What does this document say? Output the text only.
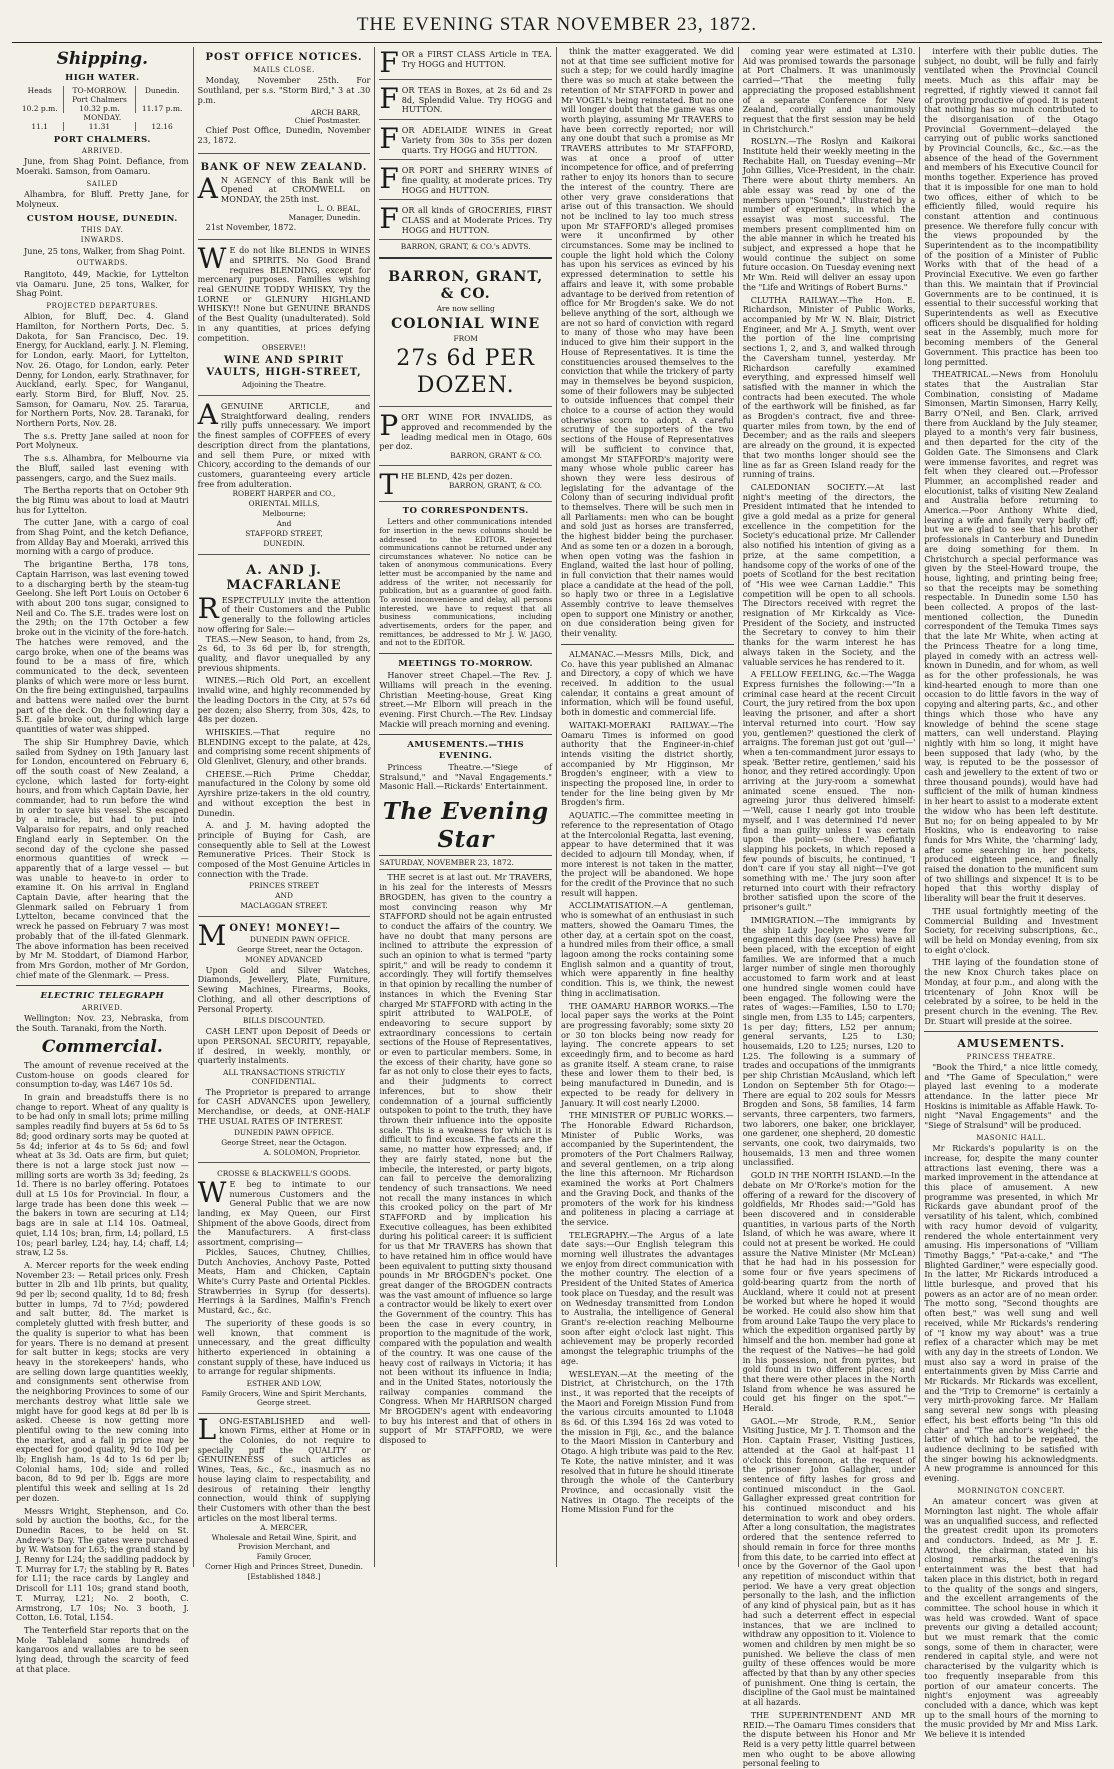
THE EVENING STAR NOVEMBER 23, 1872.
Shipping.
HIGH WATER.
Heads	TO-MORROW.
Port Chalmers	Dunedin.
10.2 p.m.	10.32 p.m.	11.17 p.m.
MONDAY.		
11.1	11.31	12.16
PORT CHALMERS.
ARRIVED.

June, from Shag Point. Defiance, from Moeraki. Samson, from Oamaru.

SAILED

Alhambra, for Bluff. Pretty Jane, for Molyneux.

CUSTOM HOUSE, DUNEDIN.
THIS DAY.
INWARDS.

June, 25 tons, Walker, from Shag Point.

OUTWARDS.

Rangitoto, 449, Mackie, for Lyttelton via Oamaru. June, 25 tons, Walker, for Shag Point.

PROJECTED DEPARTURES.

Albion, for Bluff, Dec. 4. Gland Hamilton, for Northern Ports, Dec. 5. Dakota, for San Francisco, Dec. 19. Energy, for Auckland, early. J. N. Fleming, for London, early. Maori, for Lyttelton, Nov. 26. Otago, for London, early. Peter Denny, for London, early. Strathnaver, for Auckland, early. Spec, for Wanganui, early. Storm Bird, for Bluff, Nov. 25. Samson, for Oamaru, Nov. 25. Tararua, for Northern Ports, Nov. 28. Taranaki, for Northern Ports, Nov. 28.

The s.s. Pretty Jane sailed at noon for Port Molyneux.

The s.s. Alhambra, for Melbourne via the Bluff, sailed last evening with passengers, cargo, and the Suez mails.

The Bertha reports that on October 9th the big Rimu was about to load at Mautri hus for Lyttelton.

The cutter Jane, with a cargo of coal from Shag Point, and the ketch Defiance, from Allday Bay and Moeraki, arrived this morning with a cargo of produce.

The brigantine Bertha, 178 tons, Captain Harrison, was last evening towed to a discharging berth by the steam-tug Geelong. She left Port Louis on October 6 with about 200 tons sugar, consigned to Neil and Co. The S.E. trades were lost on the 29th; on the 17th October a few broke out in the vicinity of the fore-hatch. The hatches were removed, and the cargo broke, when one of the beams was found to be a mass of fire, which communicated to the deck, seventeen planks of which were more or less burnt. On the fire being extinguished, tarpaulins and battens were nailed over the burnt part of the deck. On the following day a S.E. gale broke out, during which large quantities of water was shipped.

The ship Sir Humphrey Davie, which sailed from Sydney on 19th January last for London, encountered on February 6, off the south coast of New Zealand, a cyclone, which lasted for forty-eight hours, and from which Captain Davie, her commander, had to run before the wind in order to save his vessel. She escaped by a miracle, but had to put into Valparaiso for repairs, and only reached England early in September. On the second day of the cyclone she passed enormous quantities of wreck — apparently that of a large vessel — but was unable to heave-to in order to examine it. On his arrival in England Captain Davie, after hearing that the Glenmark sailed on February 1 from Lyttelton, became convinced that the wreck he passed on February 7 was most probably that of the ill-fated Glenmark. The above information has been received by Mr M. Stoddart, of Diamond Harbor, from Mrs Gordon, mother of Mr Gordon, chief mate of the Glenmark. — Press.

ELECTRIC TELEGRAPH
ARRIVED.

Wellington: Nov. 23, Nebraska, from the South. Taranaki, from the North.

Commercial.

The amount of revenue received at the Custom-house on goods cleared for consumption to-day, was L467 10s 5d.

In grain and breadstuffs there is no change to report. Wheat of any quality is to be had only in small lots; prime milling samples readily find buyers at 5s 6d to 5s 8d; good ordinary sorts may be quoted at 5s 4d; inferior at 4s to 5s 6d; and fowl wheat at 3s 3d. Oats are firm, but quiet; there is not a large stock just now — milling sorts are worth 3s 3d; feeding, 2s 1d. There is no barley offering. Potatoes dull at L5 10s for Provincial. In flour, a large trade has been done this week — the bakers in town are securing at L14; bags are in sale at L14 10s. Oatmeal, quiet, L14 10s; bran, firm, L4; pollard, L5 10s; pearl barley, L24; hay, L4; chaff, L4; straw, L2 5s.

A. Mercer reports for the week ending November 23: — Retail prices only. Fresh butter in 2lb and 1lb prints, but quality, 9d per lb; second quality, 1d to 8d; fresh butter in lumps, 7d to 7½d; powdered and salt butter, 8d. The market is completely glutted with fresh butter, and the quality is superior to what has been for years. There is no demand at present for salt butter in kegs; stocks are very heavy in the storekeepers' hands, who are selling down large quantities weekly, and consignments sent otherwise from the neighboring Provinces to some of our merchants destroy what little sale we might have for good kegs at 8d per lb is asked. Cheese is now getting more plentiful owing to the new coming into the market, and a fall in price may be expected for good quality, 9d to 10d per lb; English ham, 1s 4d to 1s 6d per lb; Colonial hams, 10d; side and rolled bacon, 8d to 9d per lb. Eggs are more plentiful this week and selling at 1s 2d per dozen.

Messrs Wright, Stephenson, and Co. sold by auction the booths, &c., for the Dunedin Races, to be held on St. Andrew's Day. The gates were purchased by W. Watson for L63; the grand stand by J. Renny for L24; the saddling paddock by T. Murray for L7; the stabling by R. Bates for L11; the race cards by Langley and Driscoll for L11 10s; grand stand booth, T. Murray, L21; No. 2 booth, C. Armstrong, L7 10s; No. 3 booth, J. Cotton, L6. Total, L154.

The Tenterfield Star reports that on the Mole Tableland some hundreds of kangaroos and wallabies are to be seen lying dead, through the scarcity of feed at that place.

POST OFFICE NOTICES.
MAILS CLOSE.

Monday, November 25th. For Southland, per s.s. "Storm Bird," 3 at .30 p.m.

ARCH BARR,
Chief Postmaster.

Chief Post Office, Dunedin, November 23, 1872.

BANK OF NEW ZEALAND.
A N AGENCY of this Bank will be Opened at CROMWELL on MONDAY, the 25th inst.
L. O. BEAL,
Manager, Dunedin.

21st November, 1872.

W E do not like BLENDS in WINES and SPIRITS. No Good Brand requires BLENDING, except for mercenary purposes. Families wishing real GENUINE TODDY WHISKY, Try the LORNE or GLENURY HIGHLAND WHISKY!! None but GENUINE BRANDS of the Best Quality (unadulterated). Sold in any quantities, at prices defying competition.
OBSERVE!!
WINE AND SPIRIT VAULTS, HIGH-STREET,
Adjoining the Theatre.
A GENUINE ARTICLE, and Straightforward dealing, renders rilly puffs unnecessary. We import the finest samples of COFFEES of every description direct from the plantations, and sell them Pure, or mixed with Chicory, according to the demands of our customers, guaranteeing every article free from adulteration.
ROBERT HARPER and CO.,
ORIENTAL MILLS,
Melbourne;
And
STAFFORD STREET,
DUNEDIN.
A. AND J. MACFARLANE
RESPECTFULLY invite the attention of their Customers and the Public generally to the following articles now offering for Sale:—

TEAS.—New Season, to hand, from 2s, 2s 6d, to 3s 6d per lb, for strength, quality, and flavor unequalled by any previous shipments.

WINES.—Rich Old Port, an excellent invalid wine, and highly recommended by the leading Doctors in the City, at 57s 6d per dozen; also Sherry, from 30s, 42s, to 48s per dozen.

WHISKIES.—That require no BLENDING except to the palate, at 42s, and comprising some recent shipments of Old Glenlivet, Glenury, and other brands.

CHEESE.—Rich Prime Cheddar, manufactured in the Colony by some old Ayrshire prize-takers in the old country, and without exception the best in Dunedin.

A. and J. M. having adopted the principle of Buying for Cash, are consequently able to Sell at the Lowest Remunerative Prices. Their Stock is composed of the Most Genuine Articles in connection with the Trade.

PRINCES STREET
AND
MACLAGGAN STREET.
MONEY! MONEY!—
DUNEDIN PAWN OFFICE.
George Street, near the Octagon.
MONEY ADVANCED

Upon Gold and Silver Watches, Diamonds, Jewellery, Plate, Furniture, Sewing Machines, Firearms, Books, Clothing, and all other descriptions of Personal Property.

BILLS DISCOUNTED.

CASH LENT upon Deposit of Deeds or upon PERSONAL SECURITY, repayable, if desired, in weekly, monthly, or quarterly instalments.

ALL TRANSACTIONS STRICTLY CONFIDENTIAL.

The Proprietor is prepared to arrange for CASH ADVANCES upon Jewellery, Merchandise, or deeds, at ONE-HALF THE USUAL RATES OF INTEREST.

DUNEDIN PAWN OFFICE.
George Street, near the Octagon.
A. SOLOMON, Proprietor.
CROSSE & BLACKWELL'S GOODS.
W E beg to intimate to our numerous Customers and the General Public that we are now landing, ex May Queen, our First Shipment of the above Goods, direct from the Manufacturers. A first-class assortment, comprising—

Pickles, Sauces, Chutney, Chillies, Dutch Anchovies, Anchovy Paste, Potted Meats, Ham and Chicken, Captain White's Curry Paste and Oriental Pickles. Strawberries in Syrup (for desserts). Herrings à la Sardines, Malfin's French Mustard, &c., &c.

The superiority of these goods is so well known, that comment is unnecessary, and the great difficulty hitherto experienced in obtaining a constant supply of these, have induced us to arrange for regular shipments.

ESTHER AND LOW,
Family Grocers, Wine and Spirit Merchants, George street.
LONG-ESTABLISHED and well-known Firms, either at Home or in the Colonies, do not require to specially puff the QUALITY or GENUINENESS of such articles as Wines, Teas, &c., &c., inasmuch as no house laying claim to respectability, and desirous of retaining their lengthy connection, would think of supplying their Customers with other than the best articles on the most liberal terms.
A. MERCER,
Wholesale and Retail Wine, Spirit, and Provision Merchant, and
Family Grocer,
Corner High and Princes Street, Dunedin.
[Established 1848.]
FOR a FIRST CLASS Article in TEA. Try HOGG and HUTTON.
FOR TEAS in Boxes, at 2s 6d and 2s 8d, Splendid Value. Try HOGG and HUTTON.
FOR ADELAIDE WINES in Great Variety from 30s to 35s per dozen quarts. Try HOGG and HUTTON.
FOR PORT and SHERRY WINES of fine quality, at moderate prices. Try HOGG and HUTTON.
FOR all kinds of GROCERIES, FIRST CLASS and at Moderate Prices. Try HOGG and HUTTON.
BARRON, GRANT, & CO.'s ADVTS.
BARRON, GRANT, & CO.
Are now selling
COLONIAL WINE
FROM
27s 6d PER DOZEN.
PORT WINE FOR INVALIDS, as approved and recommended by the leading medical men in Otago, 60s per doz.
BARRON, GRANT & CO.
THE BLEND, 42s per dozen.
BARRON, GRANT, & CO.
TO CORRESPONDENTS.

Letters and other communications intended for insertion in the news columns should be addressed to the EDITOR. Rejected communications cannot be returned under any circumstances whatever. No notice can be taken of anonymous communications. Every letter must be accompanied by the name and address of the writer, not necessarily for publication, but as a guarantee of good faith. To avoid inconvenience and delay, all persons interested, we have to request that all business communications, including advertisements, orders for the paper, and remittances, be addressed to Mr J. W. JAGO, and not to the EDITOR.

MEETINGS TO-MORROW.

Hanover street Chapel.—The Rev. J. Williams will preach in the evening. Christian Meeting-house, Great King street.—Mr Elborn will preach in the evening. First Church.—The Rev. Lindsay Mackie will preach morning and evening.

AMUSEMENTS.—THIS EVENING.

Princess Theatre.—"Siege of Stralsund," and "Naval Engagements." Masonic Hall.—Rickards' Entertainment.

The Evening Star
SATURDAY, NOVEMBER 23, 1872.

THE secret is at last out. Mr TRAVERS, in his zeal for the interests of Messrs BROGDEN, has given to the country a most convincing reason why Mr STAFFORD should not be again entrusted to conduct the affairs of the country. We have no doubt that many persons are inclined to attribute the expression of such an opinion to what is termed "party spirit," and will be ready to condemn it accordingly. They will fortify themselves in that opinion by recalling the number of instances in which the Evening Star charged Mr STAFFORD with acting in the spirit attributed to WALPOLE, of endeavoring to secure support by extraordinary concessions to certain sections of the House of Representatives, or even to particular members. Some, in the excess of their charity, have gone so far as not only to close their eyes to facts, and their judgments to correct inferences, but to show their condemnation of a journal sufficiently outspoken to point to the truth, they have thrown their influence into the opposite scale. This is a weakness for which it is difficult to find excuse. The facts are the same, no matter how expressed; and, if they are fairly stated, none but the imbecile, the interested, or party bigots, can fail to perceive the demoralizing tendency of such transactions. We need not recall the many instances in which this crooked policy on the part of Mr STAFFORD and by implication his Executive colleagues, has been exhibited during his political career: it is sufficient for us that Mr TRAVERS has shown that to have retained him in office would have been equivalent to putting sixty thousand pounds in Mr BROGDEN's pocket. One great danger of the BROGDEN contracts was the vast amount of influence so large a contractor would be likely to exert over the Government of the country. This has been the case in every country, in proportion to the magnitude of the work, compared with the population and wealth of the country. It was one cause of the heavy cost of railways in Victoria; it has not been without its influence in India; and in the United States, notoriously the railway companies command the Congress. When Mr HARRISON charged Mr BROGDEN's agent with endeavoring to buy his interest and that of others in support of Mr STAFFORD, we were disposed to

think the matter exaggerated. We did not at that time see sufficient motive for such a step; for we could hardly imagine there was so much at stake between the retention of Mr STAFFORD in power and Mr VOGEL's being reinstated. But no one will longer doubt that the game was one worth playing, assuming Mr TRAVERS to have been correctly reported; nor will any one doubt that such a promise as Mr TRAVERS attributes to Mr STAFFORD, was at once a proof of utter incompetence for office, and of preferring rather to enjoy its honors than to secure the interest of the country. There are other very grave considerations that arise out of this transaction. We should not be inclined to lay too much stress upon Mr STAFFORD's alleged promises were it unconfirmed by other circumstances. Some may be inclined to couple the light hold which the Colony has upon his services as evinced by his expressed determination to settle his affairs and leave it, with some probable advantage to be derived from retention of office for Mr Brogden's sake. We do not believe anything of the sort, although we are not so hard of conviction with regard to many of those who may have been induced to give him their support in the House of Representatives. It is time the constituencies aroused themselves to the conviction that while the trickery of party may in themselves be beyond suspicion, some of their followers may be subjected to outside influences that compel their choice to a course of action they would otherwise scorn to adopt. A careful scrutiny of the supporters of the two sections of the House of Representatives will be sufficient to convince that, amongst Mr STAFFORD's majority were many whose whole public career has shown they were less desirous of legislating for the advantage of the Colony than of securing individual profit to themselves. There will be such men in all Parliaments: men who can be bought and sold just as horses are transferred, the highest bidder being the purchaser. And as some ten or a dozen in a borough, when open voting was the fashion in England, waited the last hour of polling, in full conviction that their names would place a candidate at the head of the poll, so haply two or three in a Legislative Assembly contrive to leave themselves open to support one Ministry or another, on due consideration being given for their venality.

ALMANAC.—Messrs Mills, Dick, and Co. have this year published an Almanac and Directory, a copy of which we have received. In addition to the usual calendar, it contains a great amount of information, which will be found useful, both in domestic and commercial life.

WAITAKI-MOERAKI RAILWAY.—The Oamaru Times is informed on good authority that the Engineer-in-chief intends visiting the district shortly, accompanied by Mr Higginson, Mr Brogden's engineer, with a view to inspecting the proposed line, in order to tender for the line being given by Mr Brogden's firm.

AQUATIC.—The committee meeting in reference to the representation of Otago at the Intercolonial Regatta, last evening, appear to have determined that it was decided to adjourn till Monday, when, if more interest is not taken in the matter, the project will be abandoned. We hope for the credit of the Province that no such result will happen.

ACCLIMATISATION.—A gentleman, who is somewhat of an enthusiast in such matters, showed the Oamaru Times, the other day, at a certain spot on the coast, a hundred miles from their office, a small lagoon among the rocks containing some English salmon and a quantity of trout, which were apparently in fine healthy condition. This is, we think, the newest thing in acclimatisation.

THE OAMARU HARBOR WORKS.—The local paper says the works at the Point are progressing favorably; some sixty 20 or 30 ton blocks being now ready for laying. The concrete appears to set exceedingly firm, and to become as hard as granite itself. A steam crane, to raise these and lower them to their bed, is being manufactured in Dunedin, and is expected to be ready for delivery in January. It will cost nearly L2000.

THE MINISTER OF PUBLIC WORKS.—The Honorable Edward Richardson, Minister of Public Works, was accompanied by the Superintendent, the promoters of the Port Chalmers Railway, and several gentlemen, on a trip along the line this afternoon. Mr Richardson examined the works at Port Chalmers and the Graving Dock, and thanks of the promoters of the work for his kindness and politeness in placing a carriage at the service.

TELEGRAPHY.—The Argus of a late date says:—Our English telegram this morning well illustrates the advantages we enjoy from direct communication with the mother country. The election of a President of the United States of America took place on Tuesday, and the result was on Wednesday transmitted from London to Australia, the intelligence of General Grant's re-election reaching Melbourne soon after eight o'clock last night. This achievement may be properly recorded amongst the telegraphic triumphs of the age.

WESLEYAN.—At the meeting of the District, at Christchurch, on the 17th inst., it was reported that the receipts of the Maori and Foreign Mission Fund from the various circuits amounted to L1048 8s 6d. Of this L394 16s 2d was voted to the mission in Fiji, &c., and the balance to the Maori Mission in Canterbury and Otago. A high tribute was paid to the Rev. Te Kote, the native minister, and it was resolved that in future he should itinerate through the whole of the Canterbury Province, and occasionally visit the Natives in Otago. The receipts of the Home Mission Fund for the

coming year were estimated at L310. Aid was promised towards the parsonage at Port Chalmers. It was unanimously carried—"That the meeting fully appreciating the proposed establishment of a separate Conference for New Zealand, cordially and unanimously request that the first session may be held in Christchurch."

ROSLYN.—The Roslyn and Kaikorai Institute held their weekly meeting in the Rechabite Hall, on Tuesday evening—Mr John Gillies, Vice-President, in the chair. There were about thirty members. An able essay was read by one of the members upon "Sound," illustrated by a number of experiments, in which the essayist was most successful. The members present complimented him on the able manner in which he treated his subject, and expressed a hope that he would continue the subject on some future occasion. On Tuesday evening next Mr Wm. Reid will deliver an essay upon the "Life and Writings of Robert Burns."

CLUTHA RAILWAY.—The Hon. E. Richardson, Minister of Public Works, accompanied by Mr W. N. Blair, District Engineer, and Mr A. J. Smyth, went over the portion of the line comprising sections 1, 2, and 3, and walked through the Caversham tunnel, yesterday. Mr Richardson carefully examined everything, and expressed himself well satisfied with the manner in which the contracts had been executed. The whole of the earthwork will be finished, as far as Brogden's contract, five and three-quarter miles from town, by the end of December; and as the rails and sleepers are already on the ground, it is expected that two months longer should see the line as far as Green Island ready for the running of trains.

CALEDONIAN SOCIETY.—At last night's meeting of the directors, the President intimated that he intended to give a gold medal as a prize for general excellence in the competition for the Society's educational prize. Mr Callender also notified his intention of giving as a prize, at the same competition, a handsome copy of the works of one of the poets of Scotland for the best recitation of "His wee wee Carnan Laddie." This competition will be open to all schools. The Directors received with regret the resignation of Mr Kirkcaldy as Vice-President of the Society, and instructed the Secretary to convey to him their thanks for the warm interest he has always taken in the Society, and the valuable services he has rendered to it.

A FELLOW FEELING, &c.—The Wagga Express furnishes the following:—"In a criminal case heard at the recent Circuit Court, the jury retired from the box upon leaving the prisoner, and after a short interval returned into court. 'How say you, gentlemen?' questioned the clerk of arraigns. The foreman just got out 'guil—' when a ten-commandment juror essays to speak. 'Better retire, gentlemen,' said his honor, and they retired accordingly. Upon arriving at the jury-room a somewhat animated scene ensued. The non-agreeing juror thus delivered himself:—'Well, cause I nearly got into trouble myself, and I was determined I'd never find a man guilty unless I was certain upon the point—so there.' Defiantly slapping his pockets, in which reposed a few pounds of biscuits, he continued, 'I don't care if you stay all night—I've got something with me.' The jury soon after returned into court with their refractory brother satisfied upon the score of the prisoner's guilt."

IMMIGRATION.—The immigrants by the ship Lady Jocelyn who were for engagement this day (see Press) have all been placed, with the exception of eight families. We are informed that a much larger number of single men thoroughly accustomed to farm work and at least one hundred single women could have been engaged. The following were the rates of wages:—Families, L50 to L70; single men, from L35 to L45; carpenters, 1s per day; fitters, L52 per annum; general servants, L25 to L30; housemaids, L20 to L25; nurses, L20 to L25. The following is a summary of trades and occupations of the immigrants per ship Christian McAusland, which left London on September 5th for Otago:—There are equal to 202 souls for Messrs Brogden and Sons, 58 families, 14 farm servants, three carpenters, two farmers, two laborers, one baker, one bricklayer, one gardener, one shepherd, 20 domestic servants, one cook, two dairymaids, two housemaids, 13 men and three women unclassified.

GOLD IN THE NORTH ISLAND.—In the debate on Mr O'Rorke's motion for the offering of a reward for the discovery of goldfields, Mr Rhodes said:—"Gold has been discovered and in considerable quantities, in various parts of the North Island, of which he was aware, where it could not at present be worked. He could assure the Native Minister (Mr McLean) that he had had in his possession for some four or five years specimens of gold-bearing quartz from the north of Auckland, where it could not at present be worked but where he hoped it would be worked. He could also show him that from around Lake Taupo the very place to which the expedition organised partly by himself and the hon. member had gone at the request of the Natives—he had gold in his possession, not from pyrites, but gold found in two different places; and that there were other places in the North Island from whence he was assured he could get his finger on the spot."—Herald.

GAOL.—Mr Strode, R.M., Senior Visiting Justice, Mr J. T. Thomson and the Hon. Captain Fraser, Visiting Justices, attended at the Gaol at half-past 11 o'clock this forenoon, at the request of the prisoner John Gallagher, under sentence of fifty lashes for gross and continued misconduct in the Gaol. Gallagher expressed great contrition for his continued misconduct and his determination to work and obey orders. After a long consultation, the magistrates ordered that the sentence referred to should remain in force for three months from this date, to be carried into effect at once by the Governor of the Gaol upon any repetition of misconduct within that period. We have a very great objection personally to the lash, and the infliction of any kind of physical pain, but as it has had such a deterrent effect in especial instances, that we are inclined to withdraw any opposition to it. Violence to women and children by men might be so punished. We believe the class of men guilty of these offences would be more affected by that than by any other species of punishment. One thing is certain, the discipline of the Gaol must be maintained at all hazards.

THE SUPERINTENDENT AND MR REID.—The Oamaru Times considers that the dispute between his Honor and Mr Reid is a very petty little quarrel between men who ought to be above allowing personal feeling to

interfere with their public duties. The subject, no doubt, will be fully and fairly ventilated when the Provincial Council meets. Much as this affair may be regretted, if rightly viewed it cannot fail of proving productive of good. It is patent that nothing has so much contributed to the disorganisation of the Otago Provincial Government—delayed the carrying out of public works sanctioned by Provincial Councils, &c., &c.—as the absence of the head of the Government and members of his Executive Council for months together. Experience has proved that it is impossible for one man to hold two offices, either of which to be efficiently filled, would require his constant attention and continuous presence. We therefore fully concur with the views propounded by the Superintendent as to the incompatibility of the position of a Minister of Public Works with that of the head of a Provincial Executive. We even go farther than this. We maintain that if Provincial Governments are to be continued, it is essential to their successful working that Superintendents as well as Executive officers should be disqualified for holding seat in the Assembly, much more for becoming members of the General Government. This practice has been too long permitted.

THEATRICAL.—News from Honolulu states that the Australian Star Combination, consisting of Madame Simonsen, Martin Simonsen, Harry Kelly, Barry O'Neil, and Ben. Clark, arrived there from Auckland by the July steamer, played to a month's very fair business, and then departed for the city of the Golden Gate. The Simonsens and Clark were immense favorites, and regret was felt when they cleared out.—Professor Plummer, an accomplished reader and elocutionist, talks of visiting New Zealand and Australia before returning to America.—Poor Anthony White died, leaving a wife and family very badly off; but we are glad to see that his brother professionals in Canterbury and Dunedin are doing something for them. In Christchurch a special performance was given by the Steel-Howard troupe, the house, lighting, and printing being free; so that the receipts may be something respectable. In Dunedin some L50 has been collected. A propos of the last-mentioned collection, the Dunedin correspondent of the Temuka Times says that the late Mr White, when acting at the Princess Theatre for a long time, played in comedy with an actress well-known in Dunedin, and for whom, as well as for the other professionals, he was kind-hearted enough to more than one occasion to do little favors in the way of copying and altering parts, &c., and other things which those who have any knowledge of behind the scene stage matters, can well understand. Playing nightly with him so long, it might have been supposed that lady (who, by the way, is reputed to be the possessor of cash and jewellery to the extent of two or three thousand pounds), would have had sufficient of the milk of human kindness in her heart to assist to a moderate extent the widow who has been left destitute. But no; for on being appealed to by Mr Hoskins, who is endeavoring to raise funds for Mrs White, the 'charming' lady, after some searching in her pockets, produced eighteen pence, and finally raised the donation to the munificent sum of two shillings and sixpence! It is to be hoped that this worthy display of liberality will bear the fruit it deserves.

THE usual fortnightly meeting of the Commercial Building and Investment Society, for receiving subscriptions, &c., will be held on Monday evening, from six to eight o'clock.

THE laying of the foundation stone of the new Knox Church takes place on Monday, at four p.m., and along with the tricentenary of John Knox will be celebrated by a soiree, to be held in the present church in the evening. The Rev. Dr. Stuart will preside at the soiree.

AMUSEMENTS.
PRINCESS THEATRE.

"Book the Third," a nice little comedy, and "The Game of Speculation," were played last evening to a moderate attendance. In the latter piece Mr Hoskins is inimitable as Affable Hawk. To-night "Naval Engagements" and the "Siege of Stralsund" will be produced.

MASONIC HALL.

Mr Rickards's popularity is on the increase, for, despite the many counter attractions last evening, there was a marked improvement in the attendance at this place of amusement. A new programme was presented, in which Mr Rickards gave abundant proof of the versatility of his talent, which, combined with racy humor devoid of vulgarity, rendered the whole entertainment very amusing. His impersonations of "Villiam Timothy Baggs," "Pat-a-cake," and "The Blighted Gardiner," were especially good. In the latter, Mr Rickards introduced a little burlesque, and proved that his powers as an actor are of no mean order. The motto song, "Second thoughts are often best," was well sung and well received, while Mr Rickards's rendering of "I know my way about" was a true reflex of a character which may be met with any day in the streets of London. We must also say a word in praise of the entertainments given by Miss Carrie and Mr Rickards. Mr Rickards was excellent, and the "Trip to Cremorne" is certainly a very mirth-provoking farce. Mr Hallam sang several new songs with pleasing effect, his best efforts being "In this old chair" and "The anchor's weighed;" the latter of which had to be repeated, the audience declining to be satisfied with the singer bowing his acknowledgments. A new programme is announced for this evening.

MORNINGTON CONCERT.

An amateur concert was given at Mornington last night. The whole affair was an unqualified success, and reflected the greatest credit upon its promoters and conductors. Indeed, as Mr J. E. Attwood, the chairman, stated in his closing remarks, the evening's entertainment was the best that had taken place in this district, both in regard to the quality of the songs and singers, and the excellent arrangements of the committee. The school house in which it was held was crowded. Want of space prevents our giving a detailed account; but we must remark that the comic songs, some of them in character, were rendered in capital style, and were not characterised by the vulgarity which is too frequently inseparable from this portion of our amateur concerts. The night's enjoyment was agreeably concluded with a dance, which was kept up to the small hours of the morning to the music provided by Mr and Miss Lark. We believe it is intended
